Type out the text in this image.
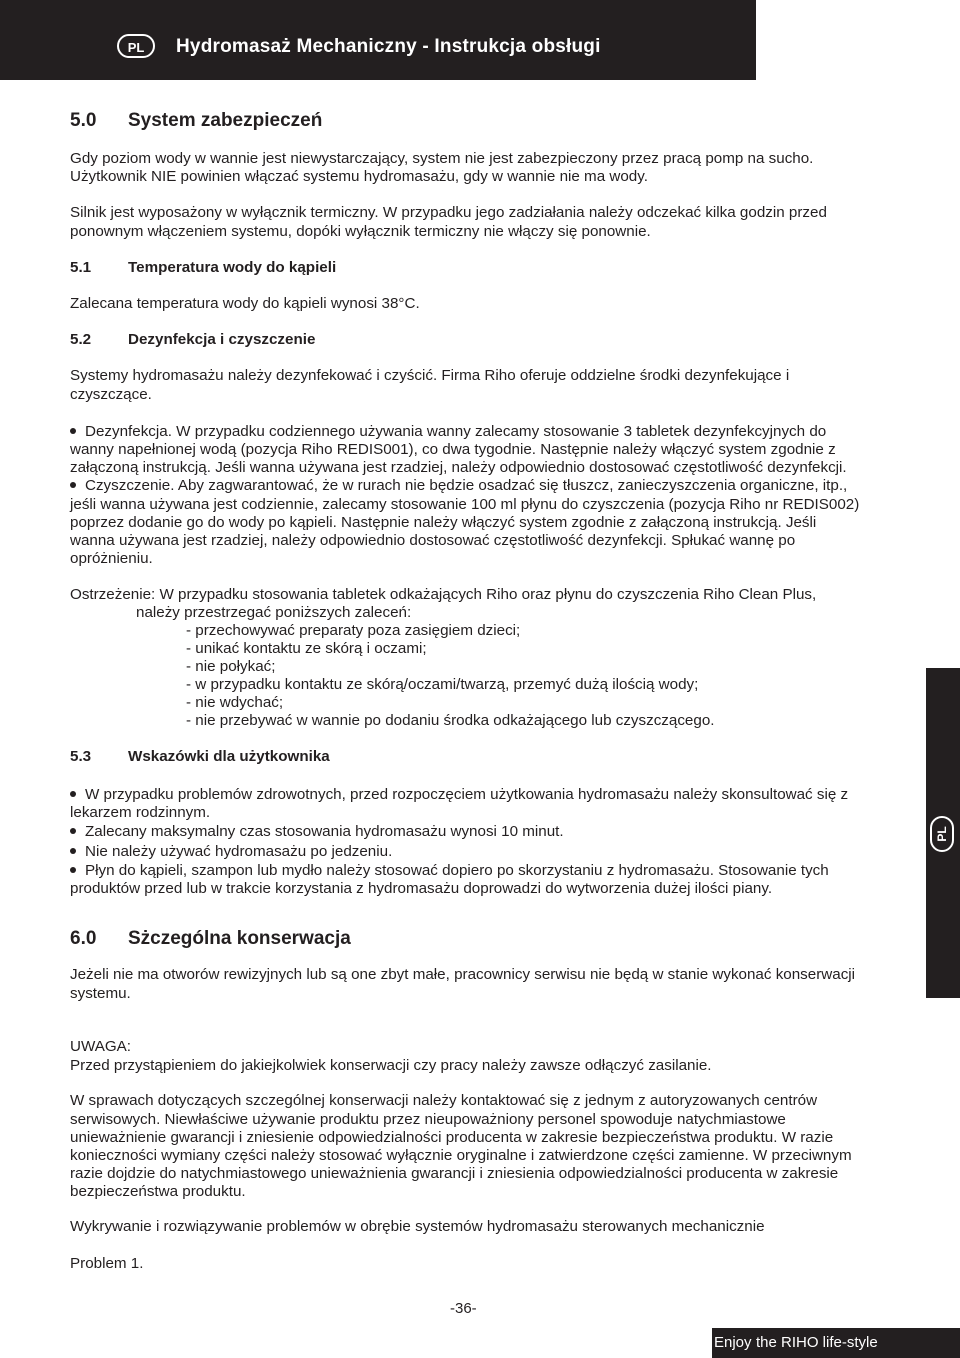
PL	Hydromasaż Mechaniczny - Instrukcja obsługi
PL
5.0 System zabezpieczeń
Gdy poziom wody w wannie jest niewystarczający, system nie jest zabezpieczony przez pracą pomp na sucho.
Użytkownik NIE powinien włączać systemu hydromasażu, gdy w wannie nie ma wody.
Silnik jest wyposażony w wyłącznik termiczny. W przypadku jego zadziałania należy odczekać kilka godzin przed
ponownym włączeniem systemu, dopóki wyłącznik termiczny nie włączy się ponownie.
5.1 Temperatura wody do kąpieli
Zalecana temperatura wody do kąpieli wynosi 38°C.
5.2 Dezynfekcja i czyszczenie
Systemy hydromasażu należy dezynfekować i czyścić. Firma Riho oferuje oddzielne środki dezynfekujące i
czyszczące.
Dezynfekcja. W przypadku codziennego używania wanny zalecamy stosowanie 3 tabletek dezynfekcyjnych do
wanny napełnionej wodą (pozycja Riho REDIS001), co dwa tygodnie. Następnie należy włączyć system zgodnie z
załączoną instrukcją. Jeśli wanna używana jest rzadziej, należy odpowiednio dostosować częstotliwość dezynfekcji.
Czyszczenie. Aby zagwarantować, że w rurach nie będzie osadzać się tłuszcz, zanieczyszczenia organiczne, itp.,
jeśli wanna używana jest codziennie, zalecamy stosowanie 100 ml płynu do czyszczenia (pozycja Riho nr REDIS002)
poprzez dodanie go do wody po kąpieli. Następnie należy włączyć system zgodnie z załączoną instrukcją. Jeśli
wanna używana jest rzadziej, należy odpowiednio dostosować częstotliwość dezynfekcji. Spłukać wannę po
opróżnieniu.
Ostrzeżenie: W przypadku stosowania tabletek odkażających Riho oraz płynu do czyszczenia Riho Clean Plus,
należy przestrzegać poniższych zaleceń:
- przechowywać preparaty poza zasięgiem dzieci;
- unikać kontaktu ze skórą i oczami;
- nie połykać;
- w przypadku kontaktu ze skórą/oczami/twarzą, przemyć dużą ilością wody;
- nie wdychać;
- nie przebywać w wannie po dodaniu środka odkażającego lub czyszczącego.
5.3 Wskazówki dla użytkownika
W przypadku problemów zdrowotnych, przed rozpoczęciem użytkowania hydromasażu należy skonsultować się z
lekarzem rodzinnym.
Zalecany maksymalny czas stosowania hydromasażu wynosi 10 minut.
Nie należy używać hydromasażu po jedzeniu.
Płyn do kąpieli, szampon lub mydło należy stosować dopiero po skorzystaniu z hydromasażu. Stosowanie tych
produktów przed lub w trakcie korzystania z hydromasażu doprowadzi do wytworzenia dużej ilości piany.
6.0 Sżczególna konserwacja
Jeżeli nie ma otworów rewizyjnych lub są one zbyt małe, pracownicy serwisu nie będą w stanie wykonać konserwacji
systemu.
UWAGA:
Przed przystąpieniem do jakiejkolwiek konserwacji czy pracy należy zawsze odłączyć zasilanie.
W sprawach dotyczących szczególnej konserwacji należy kontaktować się z jednym z autoryzowanych centrów
serwisowych. Niewłaściwe używanie produktu przez nieupoważniony personel spowoduje natychmiastowe
unieważnienie gwarancji i zniesienie odpowiedzialności producenta w zakresie bezpieczeństwa produktu. W razie
konieczności wymiany części należy stosować wyłącznie oryginalne i zatwierdzone części zamienne. W przeciwnym
razie dojdzie do natychmiastowego unieważnienia gwarancji i zniesienia odpowiedzialności producenta w zakresie
bezpieczeństwa produktu.
Wykrywanie i rozwiązywanie problemów w obrębie systemów hydromasażu sterowanych mechanicznie
Problem 1.
-36-
Enjoy the RIHO life-style
